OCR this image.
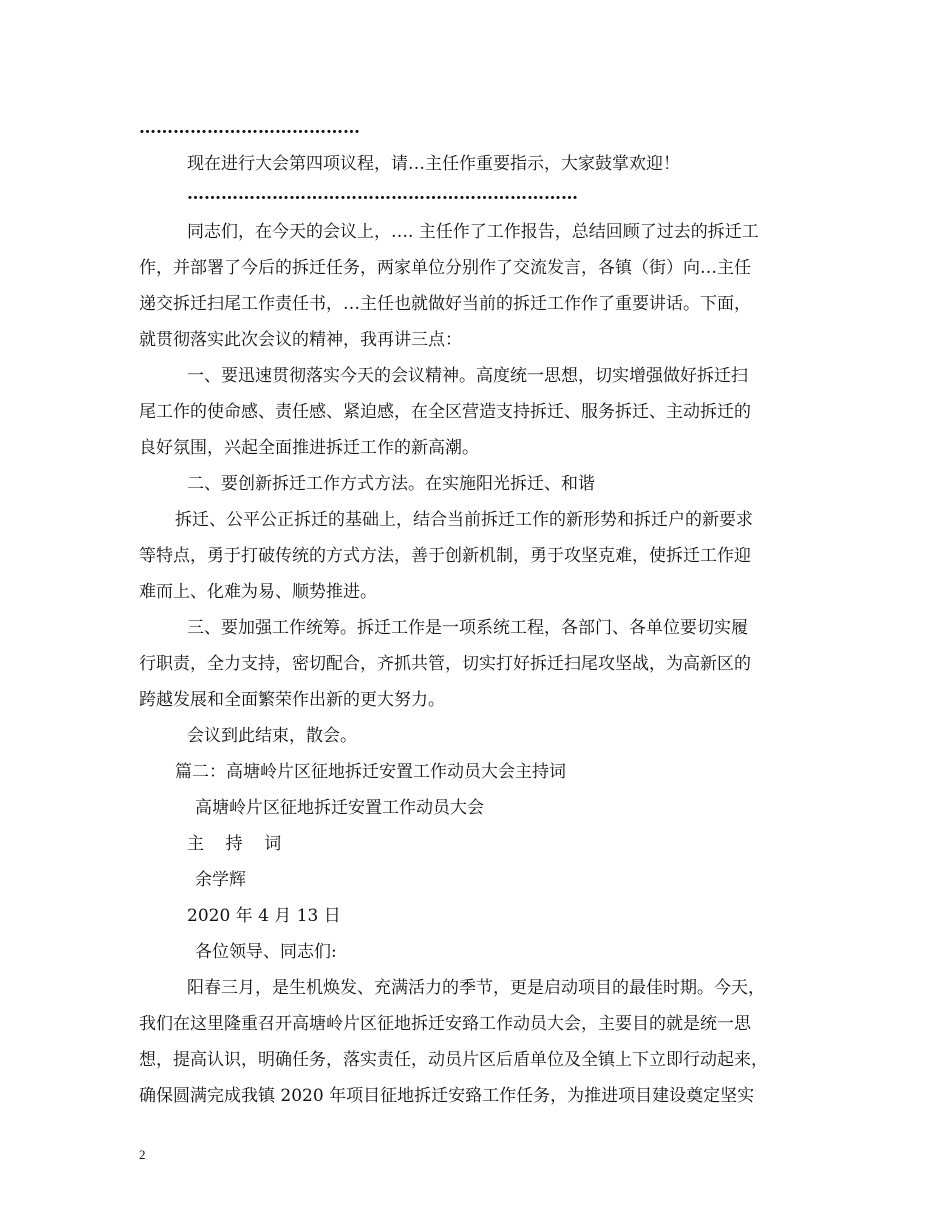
…………………………………
现在进行大会第四项议程，请…主任作重要指示，大家鼓掌欢迎！
……………………………………………………………
同志们，在今天的会议上，…. 主任作了工作报告，总结回顾了过去的拆迁工
作，并部署了今后的拆迁任务，两家单位分别作了交流发言，各镇（街）向…主任
递交拆迁扫尾工作责任书，…主任也就做好当前的拆迁工作作了重要讲话。下面，
就贯彻落实此次会议的精神，我再讲三点：
一、要迅速贯彻落实今天的会议精神。高度统一思想，切实增强做好拆迁扫
尾工作的使命感、责任感、紧迫感，在全区营造支持拆迁、服务拆迁、主动拆迁的
良好氛围，兴起全面推进拆迁工作的新高潮。
二、要创新拆迁工作方式方法。在实施阳光拆迁、和谐
拆迁、公平公正拆迁的基础上，结合当前拆迁工作的新形势和拆迁户的新要求
等特点，勇于打破传统的方式方法，善于创新机制，勇于攻坚克难，使拆迁工作迎
难而上、化难为易、顺势推进。
三、要加强工作统筹。拆迁工作是一项系统工程，各部门、各单位要切实履
行职责，全力支持，密切配合，齐抓共管，切实打好拆迁扫尾攻坚战，为高新区的
跨越发展和全面繁荣作出新的更大努力。
会议到此结束，散会。
篇二：高塘岭片区征地拆迁安置工作动员大会主持词
高塘岭片区征地拆迁安置工作动员大会
主    持    词
余学辉
2020 年 4 月 13 日
各位领导、同志们:
阳春三月，是生机焕发、充满活力的季节，更是启动项目的最佳时期。今天，
我们在这里隆重召开高塘岭片区征地拆迁安臵工作动员大会，主要目的就是统一思
想，提高认识，明确任务，落实责任，动员片区后盾单位及全镇上下立即行动起来，
确保圆满完成我镇 2020 年项目征地拆迁安臵工作任务，为推进项目建设奠定坚实
2
